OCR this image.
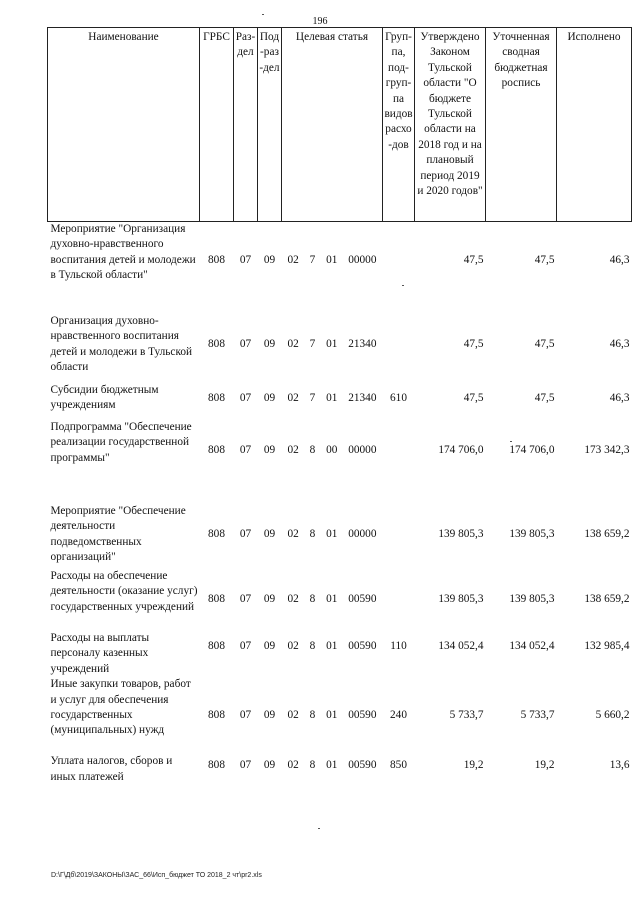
196
Наименование	ГРБС	Раз-дел	Под-раз-дел	Целевая статья	Груп-па, под-груп-па видов расхо-дов	Утверждено Законом Тульской области "О бюджете Тульской области на 2018 год и на плановый период 2019 и 2020 годов"	Уточненная сводная бюджетная роспись	Исполнено
Мероприятие "Организация духовно-нравственного воспитания детей и молодежи в Тульской области"	808	07	09	02 7 01 00000		47,5	47,5	46,3
Организация духовно-нравственного воспитания детей и молодежи в Тульской области	808	07	09	02 7 01 21340		47,5	47,5	46,3
Субсидии бюджетным учреждениям	808	07	09	02 7 01 21340	610	47,5	47,5	46,3
Подпрограмма "Обеспечение реализации государственной программы"	808	07	09	02 8 00 00000		174 706,0	174 706,0	173 342,3
Мероприятие "Обеспечение деятельности подведомственных организаций"	808	07	09	02 8 01 00000		139 805,3	139 805,3	138 659,2
Расходы на обеспечение деятельности (оказание услуг) государственных учреждений	808	07	09	02 8 01 00590		139 805,3	139 805,3	138 659,2
Расходы на выплаты персоналу казенных учреждений	808	07	09	02 8 01 00590	110	134 052,4	134 052,4	132 985,4
Иные закупки товаров, работ и услуг для обеспечения государственных (муниципальных) нужд	808	07	09	02 8 01 00590	240	5 733,7	5 733,7	5 660,2
Уплата налогов, сборов и иных платежей	808	07	09	02 8 01 00590	850	19,2	19,2	13,6
D:\Г\Дб\2019\ЗАКОНЫ\ЗАС_66\Исп_бюджет ТО 2018_2 чт\pr2.xls
